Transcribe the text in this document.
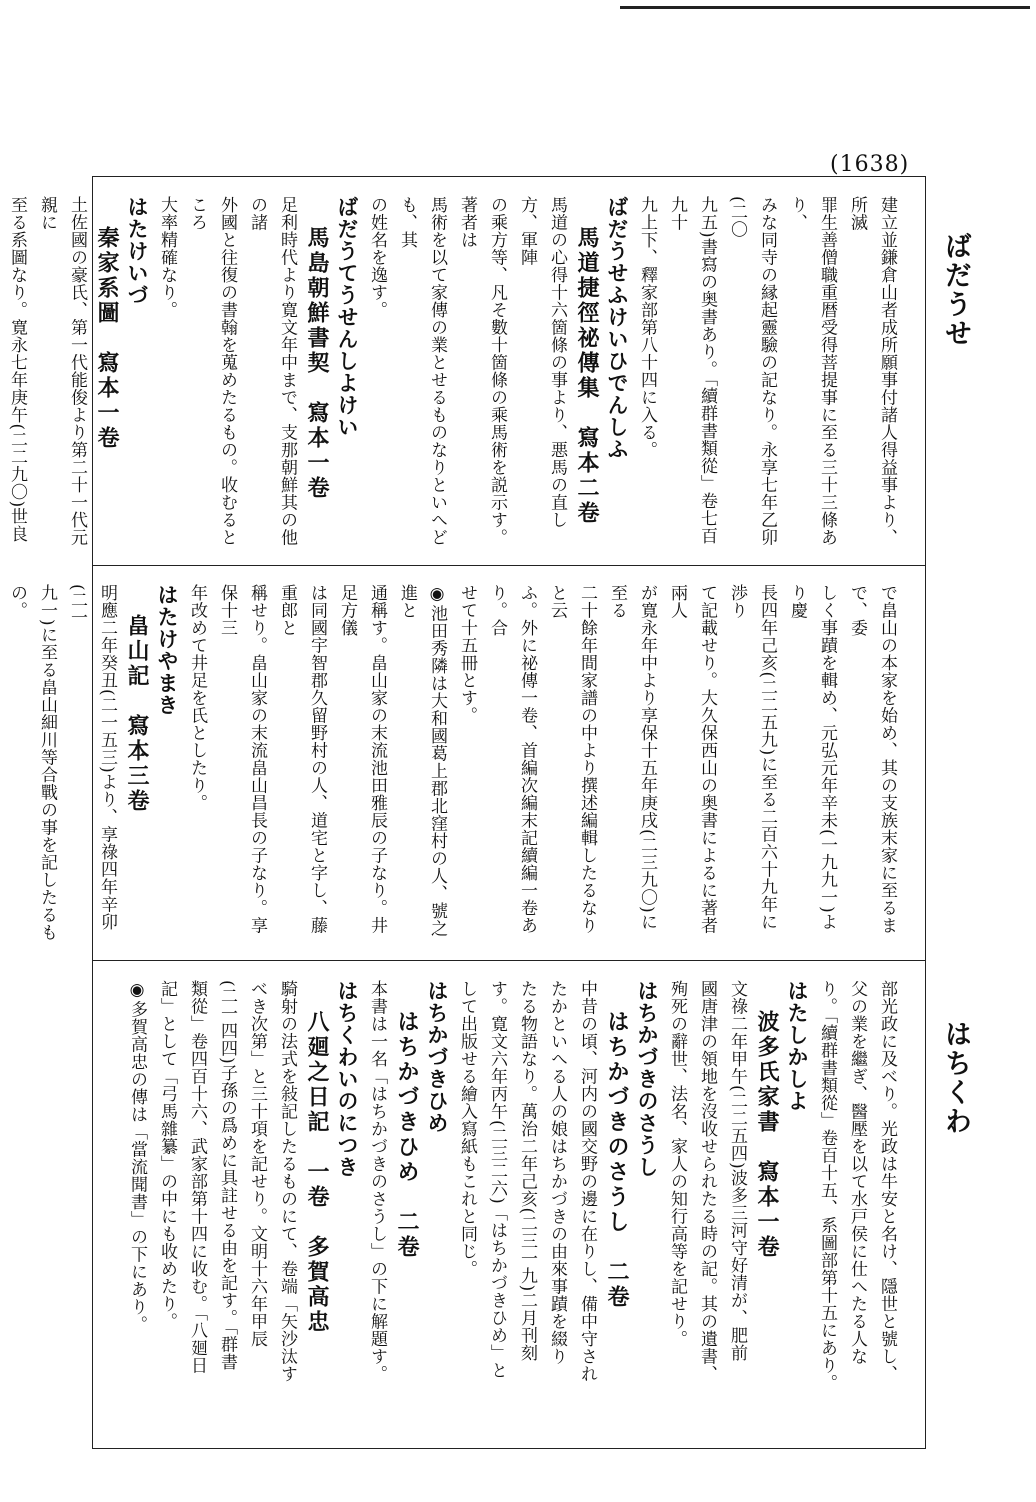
(1638)
ばだうせ
はちくわ
建立並鎌倉山者成所願事付諸人得益事より、所滅
罪生善僧職重暦受得菩提事に至る三十三條あり、
みな同寺の縁起靈驗の記なり。永享七年乙卯(二〇
九五)書寫の奥書あり。「續群書類從」卷七百九十
九上下、釋家部第八十四に入る。
ばだうせふけいひでんしふ
馬道捷徑祕傳集　寫本二卷
馬道の心得十六箇條の事より、悪馬の直し方、軍陣
の乘方等、凡そ數十箇條の乘馬術を説示す。著者は
馬術を以て家傳の業とせるものなりといへども、其
の姓名を逸す。
ばだうてうせんしよけい
馬島朝鮮書契　寫本一卷
足利時代より寛文年中まで、支那朝鮮其の他の諸
外國と往復の書翰を蒐めたるもの。收むるところ
大率精確なり。
はたけいづ
秦家系圖　寫本一卷
土佐國の豪氏、第一代能俊より第二十一代元親に
至る系圖なり。寛永七年庚午(二二九〇)世良
で畠山の本家を始め、其の支族末家に至るまで、委
しく事蹟を輯め、元弘元年辛未(一九九一)より慶
長四年己亥(二二五九)に至る二百六十九年に渉り
て記載せり。大久保西山の奥書によるに著者兩人
が寛永年中より享保十五年庚戌(二三九〇)に至る
二十餘年間家譜の中より撰述編輯したるなりと云
ふ。外に祕傳一卷、首編次編末記續編一卷あり。合
せて十五冊とす。
◉池田秀隣は大和國葛上郡北窪村の人、號之進と
通稱す。畠山家の末流池田雅辰の子なり。井足方儀
は同國宇智郡久留野村の人、道宅と字し、藤重郎と
稱せり。畠山家の末流畠山昌長の子なり。享保十三
年改めて井足を氏としたり。
はたけやまき
畠山記　寫本三卷
明應二年癸丑(二一五三)より、享祿四年辛卯(二一
九一)に至る畠山細川等合戰の事を記したるもの。
部光政に及べり。光政は牛安と名け、隱世と號し、
父の業を繼ぎ、醫壓を以て水戸侯に仕へたる人な
り。「續群書類從」卷百十五、系圖部第十五にあり。
はたしかしよ
波多氏家書　寫本一卷
文祿二年甲午(二二五四)波多三河守好清が、肥前
國唐津の領地を沒收せられたる時の記。其の遺書、
殉死の辭世、法名、家人の知行高等を記せり。
はちかづきのさうし
はちかづきのさうし　二卷
中昔の頃、河内の國交野の邊に在りし、備中守され
たかといへる人の娘はちかづきの由來事蹟を綴り
たる物語なり。萬治二年己亥(二三一九)二月刊刻
す。寛文六年丙午(二三二六)「はちかづきひめ」と
して出版せる繪入寫紙もこれと同じ。
はちかづきひめ
はちかづきひめ　二卷
本書は一名「はちかづきのさうし」の下に解題す。
はちくわいのにつき
八廻之日記　一卷　多賀高忠
騎射の法式を敍記したるものにて、卷端「矢沙汰す
べき次第」と三十項を記せり。文明十六年甲辰
(二一四四)子孫の爲めに具註せる由を記す。「群書
類從」卷四百十六、武家部第十四に收む。「八廻日
記」として「弓馬雜纂」の中にも收めたり。
◉多賀高忠の傳は「當流聞書」の下にあり。
